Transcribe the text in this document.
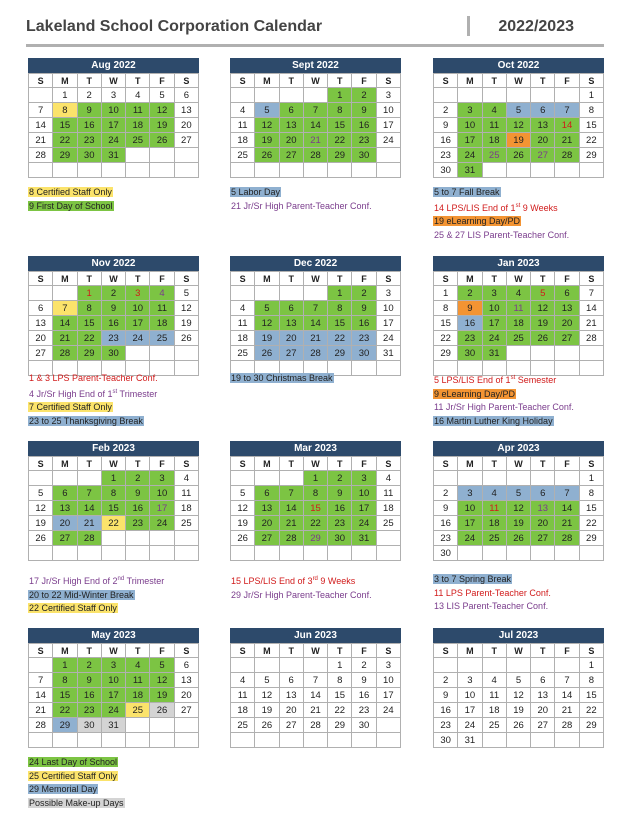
Lakeland School Corporation Calendar	2022/2023
Aug 2022
S	M	T	W	T	F	S
	1	2	3	4	5	6
7	8	9	10	11	12	13
14	15	16	17	18	19	20
21	22	23	24	25	26	27
28	29	30	31			

Sept 2022
S	M	T	W	T	F	S
				1	2	3
4	5	6	7	8	9	10
11	12	13	14	15	16	17
18	19	20	21	22	23	24
25	26	27	28	29	30	

Oct 2022
S	M	T	W	T	F	S
						1
2	3	4	5	6	7	8
9	10	11	12	13	14	15
16	17	18	19	20	21	22
23	24	25	26	27	28	29
30	31					
Nov 2022
S	M	T	W	T	F	S
		1	2	3	4	5
6	7	8	9	10	11	12
13	14	15	16	17	18	19
20	21	22	23	24	25	26
27	28	29	30			

Dec 2022
S	M	T	W	T	F	S
				1	2	3
4	5	6	7	8	9	10
11	12	13	14	15	16	17
18	19	20	21	22	23	24
25	26	27	28	29	30	31

Jan 2023
S	M	T	W	T	F	S
1	2	3	4	5	6	7
8	9	10	11	12	13	14
15	16	17	18	19	20	21
22	23	24	25	26	27	28
29	30	31				

Feb 2023
S	M	T	W	T	F	S
			1	2	3	4
5	6	7	8	9	10	11
12	13	14	15	16	17	18
19	20	21	22	23	24	25
26	27	28				

Mar 2023
S	M	T	W	T	F	S
			1	2	3	4
5	6	7	8	9	10	11
12	13	14	15	16	17	18
19	20	21	22	23	24	25
26	27	28	29	30	31	

Apr 2023
S	M	T	W	T	F	S
						1
2	3	4	5	6	7	8
9	10	11	12	13	14	15
16	17	18	19	20	21	22
23	24	25	26	27	28	29
30						
May 2023
S	M	T	W	T	F	S
	1	2	3	4	5	6
7	8	9	10	11	12	13
14	15	16	17	18	19	20
21	22	23	24	25	26	27
28	29	30	31			

Jun 2023
S	M	T	W	T	F	S
				1	2	3
4	5	6	7	8	9	10
11	12	13	14	15	16	17
18	19	20	21	22	23	24
25	26	27	28	29	30	

Jul 2023
S	M	T	W	T	F	S
						1
2	3	4	5	6	7	8
9	10	11	12	13	14	15
16	17	18	19	20	21	22
23	24	25	26	27	28	29
30	31					
8 Certified Staff Only
9 First Day of School
5 Labor Day
21 Jr/Sr High Parent-Teacher Conf.
5 to 7 Fall Break
14 LPS/LIS End of 1st 9 Weeks
19 eLearning Day/PD
25 & 27 LIS Parent-Teacher Conf.
1 & 3 LPS Parent-Teacher Conf.
4 Jr/Sr High End of 1st Trimester
7 Certified Staff Only
23 to 25 Thanksgiving Break
19 to 30 Christmas Break	5 LPS/LIS End of 1st Semester
9 eLearning Day/PD
11 Jr/Sr High Parent-Teacher Conf.
16 Martin Luther King Holiday
17 Jr/Sr High End of 2nd Trimester
20 to 22 Mid-Winter Break
22 Certified Staff Only
15 LPS/LIS End of 3rd 9 Weeks
29 Jr/Sr High Parent-Teacher Conf.
3 to 7 Spring Break
11 LPS Parent-Teacher Conf.
13 LIS Parent-Teacher Conf.
24 Last Day of School
25 Certified Staff Only
29 Memorial Day
Possible Make-up Days
